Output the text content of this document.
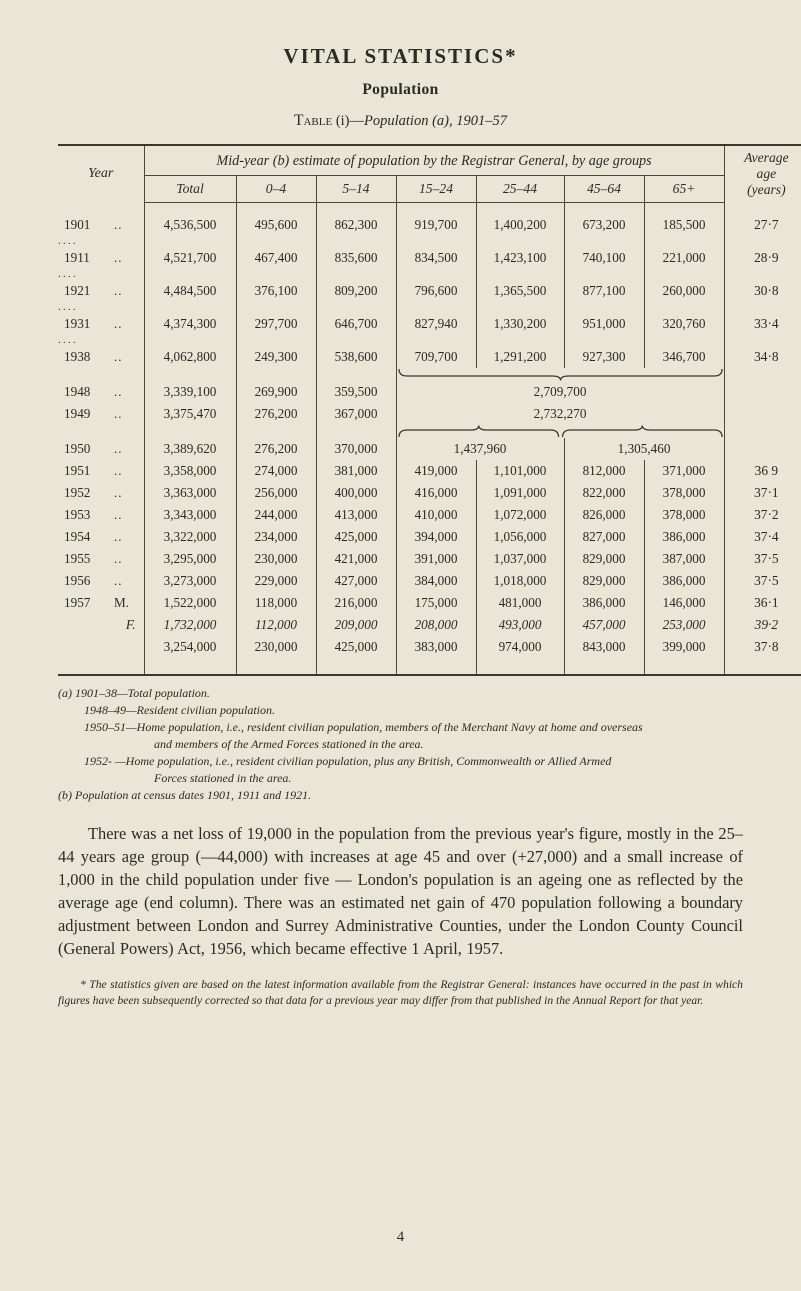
VITAL STATISTICS*
Population
Table (i)—Population (a), 1901–57
Year	Mid-year (b) estimate of population by the Registrar General, by age groups							Average
age
(years)
	Total	0–4	5–14	15–24	25–44	45–64	65+	

1901 ..	4,536,500	495,600	862,300	919,700	1,400,200	673,200	185,500	27·7
....								
1911 ..	4,521,700	467,400	835,600	834,500	1,423,100	740,100	221,000	28·9
....								
1921 ..	4,484,500	376,100	809,200	796,600	1,365,500	877,100	260,000	30·8
....								
1931 ..	4,374,300	297,700	646,700	827,940	1,330,200	951,000	320,760	33·4
....								
1938 ..	4,062,800	249,300	538,600	709,700	1,291,200	927,300	346,700	34·8

1948 ..	3,339,100	269,900	359,500	2,709,700				
1949 ..	3,375,470	276,200	367,000	2,732,270				

1950 ..	3,389,620	276,200	370,000	1,437,960		1,305,460		
1951 ..	3,358,000	274,000	381,000	419,000	1,101,000	812,000	371,000	36 9
1952 ..	3,363,000	256,000	400,000	416,000	1,091,000	822,000	378,000	37·1
1953 ..	3,343,000	244,000	413,000	410,000	1,072,000	826,000	378,000	37·2
1954 ..	3,322,000	234,000	425,000	394,000	1,056,000	827,000	386,000	37·4
1955 ..	3,295,000	230,000	421,000	391,000	1,037,000	829,000	387,000	37·5
1956 ..	3,273,000	229,000	427,000	384,000	1,018,000	829,000	386,000	37·5
1957 M.	1,522,000	118,000	216,000	175,000	481,000	386,000	146,000	36·1
F.	1,732,000	112,000	209,000	208,000	493,000	457,000	253,000	39·2
	3,254,000	230,000	425,000	383,000	974,000	843,000	399,000	37·8

(a) 1901–38—Total population.
1948–49—Resident civilian population.
1950–51—Home population, i.e., resident civilian population, members of the Merchant Navy at home and overseas
and members of the Armed Forces stationed in the area.
1952- —Home population, i.e., resident civilian population, plus any British, Commonwealth or Allied Armed
Forces stationed in the area.
(b) Population at census dates 1901, 1911 and 1921.

There was a net loss of 19,000 in the population from the previous year's figure, mostly in the 25–44 years age group (—44,000) with increases at age 45 and over (+27,000) and a small increase of 1,000 in the child population under five — London's population is an ageing one as reflected by the average age (end column). There was an estimated net gain of 470 population following a boundary adjustment between London and Surrey Administrative Counties, under the London County Council (General Powers) Act, 1956, which became effective 1 April, 1957.

* The statistics given are based on the latest information available from the Registrar General: instances have occurred in the past in which figures have been subsequently corrected so that data for a previous year may differ from that published in the Annual Report for that year.
4
